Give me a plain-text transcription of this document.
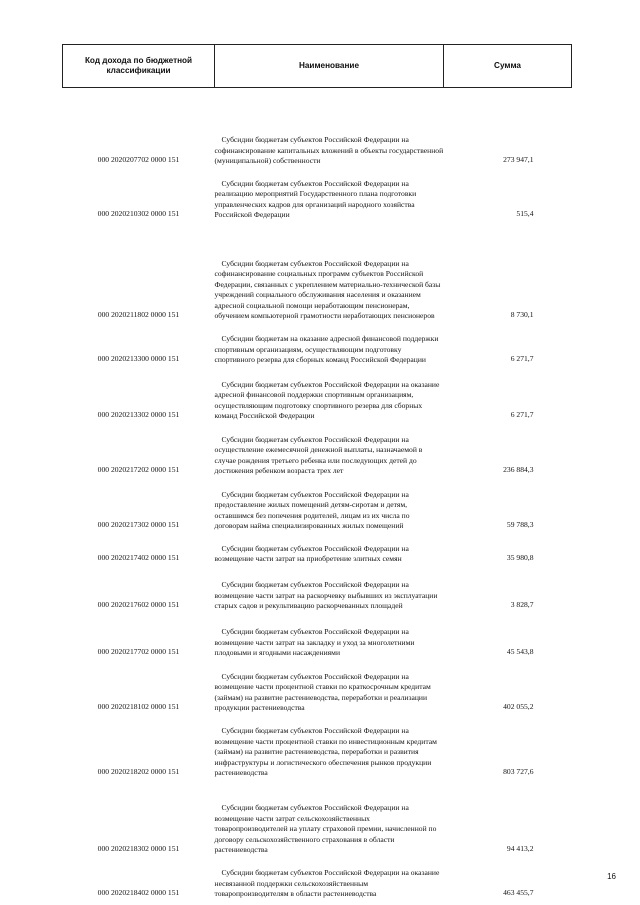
Код дохода по бюджетной классификации	Наименование	Сумма
000 2020207702 0000 151	Субсидии бюджетам субъектов Российской Федерации на софинансирование капитальных вложений в объекты государственной (муниципальной) собственности	273 947,1
000 2020210302 0000 151	Субсидии бюджетам субъектов Российской Федерации на реализацию мероприятий Государственного плана подготовки управленческих кадров для организаций народного хозяйства Российской Федерации	515,4
000 2020211802 0000 151	Субсидии бюджетам субъектов Российской Федерации на софинансирование социальных программ субъектов Российской Федерации, связанных с укреплением материально-технической базы учреждений социального обслуживания населения и оказанием адресной социальной помощи неработающим пенсионерам, обучением компьютерной грамотности неработающих пенсионеров	8 730,1
000 2020213300 0000 151	Субсидии бюджетам на оказание адресной финансовой поддержки спортивным организациям, осуществляющим подготовку спортивного резерва для сборных команд Российской Федерации	6 271,7
000 2020213302 0000 151	Субсидии бюджетам субъектов Российской Федерации на оказание адресной финансовой поддержки спортивным организациям, осуществляющим подготовку спортивного резерва для сборных команд Российской Федерации	6 271,7
000 2020217202 0000 151	Субсидии бюджетам субъектов Российской Федерации на осуществление ежемесячной денежной выплаты, назначаемой в случае рождения третьего ребенка или последующих детей до достижения ребенком возраста трех лет	236 884,3
000 2020217302 0000 151	Субсидии бюджетам субъектов Российской Федерации на предоставление жилых помещений детям-сиротам и детям, оставшимся без попечения родителей, лицам из их числа по договорам найма специализированных жилых помещений	59 788,3
000 2020217402 0000 151	Субсидии бюджетам субъектов Российской Федерации на возмещение части затрат на приобретение элитных семян	35 980,8
000 2020217602 0000 151	Субсидии бюджетам субъектов Российской Федерации на возмещение части затрат на раскорчевку выбывших из эксплуатации старых садов и рекультивацию раскорчеванных площадей	3 828,7
000 2020217702 0000 151	Субсидии бюджетам субъектов Российской Федерации на возмещение части затрат на закладку и уход за многолетними плодовыми и ягодными насаждениями	45 543,8
000 2020218102 0000 151	Субсидии бюджетам субъектов Российской Федерации на возмещение части процентной ставки по краткосрочным кредитам (займам) на развитие растениеводства, переработки и реализации продукции растениеводства	402 055,2
000 2020218202 0000 151	Субсидии бюджетам субъектов Российской Федерации на возмещение части процентной ставки по инвестиционным кредитам (займам) на развитие растениеводства, переработки и развития инфраструктуры и логистического обеспечения рынков продукции растениеводства	803 727,6
000 2020218302 0000 151	Субсидии бюджетам субъектов Российской Федерации на возмещение части затрат сельскохозяйственных товаропроизводителей на уплату страховой премии, начисленной по договору сельскохозяйственного страхования в области растениеводства	94 413,2
000 2020218402 0000 151	Субсидии бюджетам субъектов Российской Федерации на оказание несвязанной поддержки сельскохозяйственным товаропроизводителям в области растениеводства	463 455,7
16
